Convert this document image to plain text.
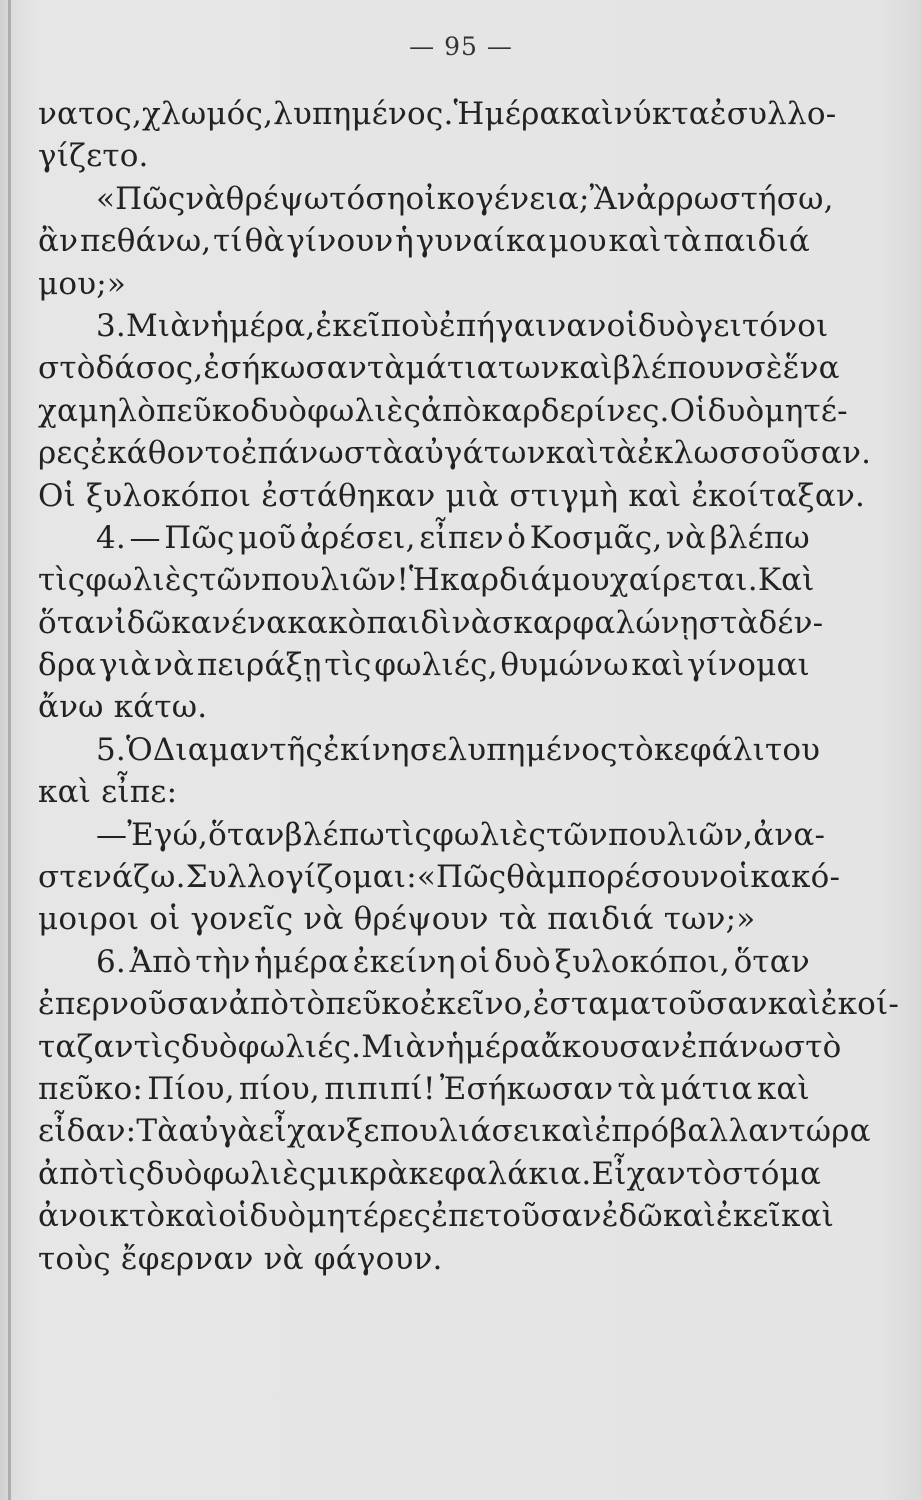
— 95 —
νατος, χλωμός, λυπημένος. Ἡμέρα καὶ νύκτα ἐσυλλο-
γίζετο.
«Πῶς νὰ θρέψω τόση οἰκογένεια; Ἂν ἀρρωστήσω,
ἂν πεθάνω, τί θὰ γίνουν ἡ γυναίκα μου καὶ τὰ παιδιά
μου;»
3. Μιὰν ἡμέρα, ἐκεῖ ποὺ ἐπήγαιναν οἱ δυὸ γειτόνοι
στὸ δάσος, ἐσήκωσαν τὰ μάτια των καὶ βλέπουν σὲ ἕνα
χαμηλὸ πεῦκο δυὸ φωλιὲς ἀπὸ καρδερίνες. Οἱ δυὸ μητέ-
ρες ἐκάθοντο ἐπάνω στὰ αὐγά των καὶ τὰ ἐκλωσσοῦσαν.
Οἱ ξυλοκόποι ἐστάθηκαν μιὰ στιγμὴ καὶ ἐκοίταξαν.
4. — Πῶς μοῦ ἀρέσει, εἶπεν ὁ Κοσμᾶς, νὰ βλέπω
τὶς φωλιὲς τῶν πουλιῶν! Ἡ καρδιά μου χαίρεται. Καὶ
ὅταν ἰδῶ κανένα κακὸ παιδὶ νὰ σκαρφαλώνῃ στὰ δέν-
δρα γιὰ νὰ πειράξῃ τὶς φωλιές, θυμώνω καὶ γίνομαι
ἄνω κάτω.
5. Ὁ Διαμαντῆς ἐκίνησε λυπημένος τὸ κεφάλι του
καὶ εἶπε:
— Ἐγώ, ὅταν βλέπω τὶς φωλιὲς τῶν πουλιῶν, ἀνα-
στενάζω. Συλλογίζομαι: «Πῶς θὰ μπορέσουν οἱ κακό-
μοιροι οἱ γονεῖς νὰ θρέψουν τὰ παιδιά των;»
6. Ἀπὸ τὴν ἡμέρα ἐκείνη οἱ δυὸ ξυλοκόποι, ὅταν
ἐπερνοῦσαν ἀπὸ τὸ πεῦκο ἐκεῖνο, ἐσταματοῦσαν καὶ ἐκοί-
ταζαν τὶς δυὸ φωλιές. Μιὰν ἡμέρα ἄκουσαν ἐπάνω στὸ
πεῦκο: Πίου, πίου, πιπιπί! Ἐσήκωσαν τὰ μάτια καὶ
εἶδαν: Τὰ αὐγὰ εἶχαν ξεπουλιάσει καὶ ἐπρόβαλλαν τώρα
ἀπὸ τὶς δυὸ φωλιὲς μικρὰ κεφαλάκια. Εἶχαν τὸ στόμα
ἀνοικτὸ καὶ οἱ δυὸ μητέρες ἐπετοῦσαν ἐδῶ καὶ ἐκεῖ καὶ
τοὺς ἔφερναν νὰ φάγουν.
